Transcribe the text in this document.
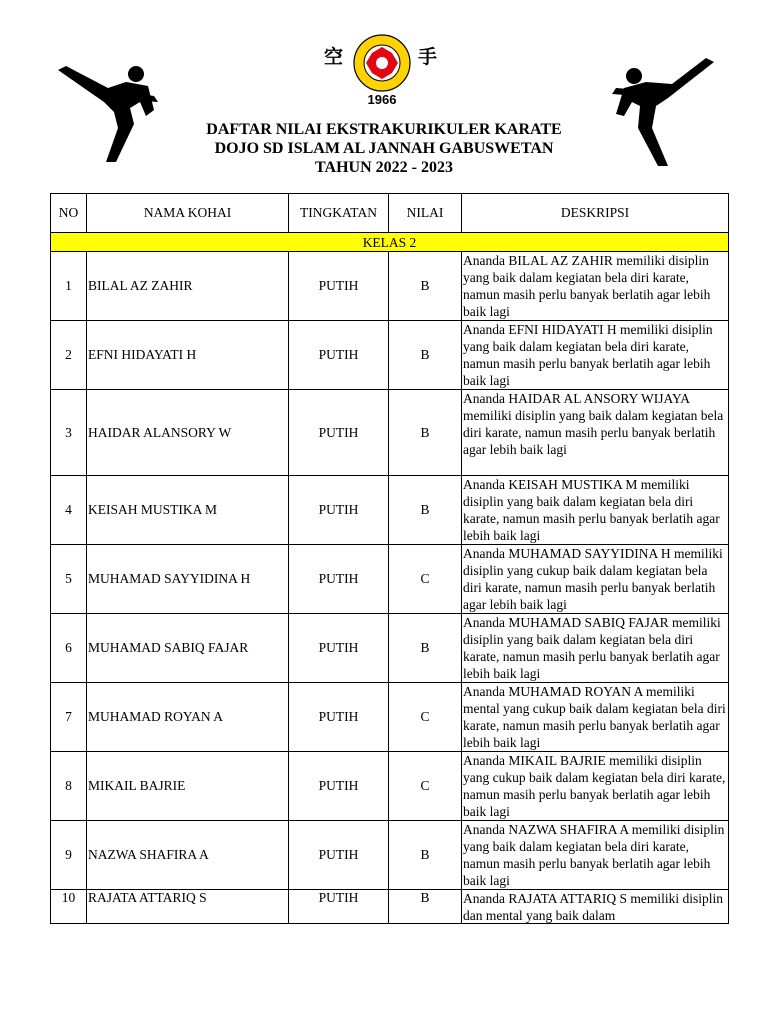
空	手
1966
DAFTAR NILAI EKSTRAKURIKULER KARATE
DOJO SD ISLAM AL JANNAH GABUSWETAN
TAHUN 2022 - 2023
NO	NAMA KOHAI	TINGKATAN	NILAI	DESKRIPSI
KELAS 2				
1	BILAL AZ ZAHIR	PUTIH	B	Ananda BILAL AZ ZAHIR memiliki disiplin yang baik dalam kegiatan bela diri karate, namun masih perlu banyak berlatih agar lebih baik lagi

2	EFNI HIDAYATI H	PUTIH	B	Ananda EFNI HIDAYATI H memiliki disiplin yang baik dalam kegiatan bela diri karate, namun masih perlu banyak berlatih agar lebih baik lagi

3	HAIDAR ALANSORY W	PUTIH	B	Ananda HAIDAR AL ANSORY WIJAYA memiliki disiplin yang baik dalam kegiatan bela diri karate, namun masih perlu banyak berlatih agar lebih baik lagi

4	KEISAH MUSTIKA M	PUTIH	B	Ananda KEISAH MUSTIKA M memiliki disiplin yang baik dalam kegiatan bela diri karate, namun masih perlu banyak berlatih agar lebih baik lagi

5	MUHAMAD SAYYIDINA H	PUTIH	C	Ananda MUHAMAD SAYYIDINA H memiliki disiplin yang cukup baik dalam kegiatan bela diri karate, namun masih perlu banyak berlatih agar lebih baik lagi

6	MUHAMAD SABIQ FAJAR	PUTIH	B	Ananda MUHAMAD SABIQ FAJAR memiliki disiplin yang baik dalam kegiatan bela diri karate, namun masih perlu banyak berlatih agar lebih baik lagi

7	MUHAMAD ROYAN A	PUTIH	C	Ananda MUHAMAD ROYAN A memiliki mental yang cukup baik dalam kegiatan bela diri karate, namun masih perlu banyak berlatih agar lebih baik lagi

8	MIKAIL BAJRIE	PUTIH	C	Ananda MIKAIL BAJRIE memiliki disiplin yang cukup baik dalam kegiatan bela diri karate, namun masih perlu banyak berlatih agar lebih baik lagi

9	NAZWA SHAFIRA A	PUTIH	B	Ananda NAZWA SHAFIRA A memiliki disiplin yang baik dalam kegiatan bela diri karate, namun masih perlu banyak berlatih agar lebih baik lagi

10	RAJATA ATTARIQ S	PUTIH	B	Ananda RAJATA ATTARIQ S memiliki disiplin dan mental yang baik dalam
